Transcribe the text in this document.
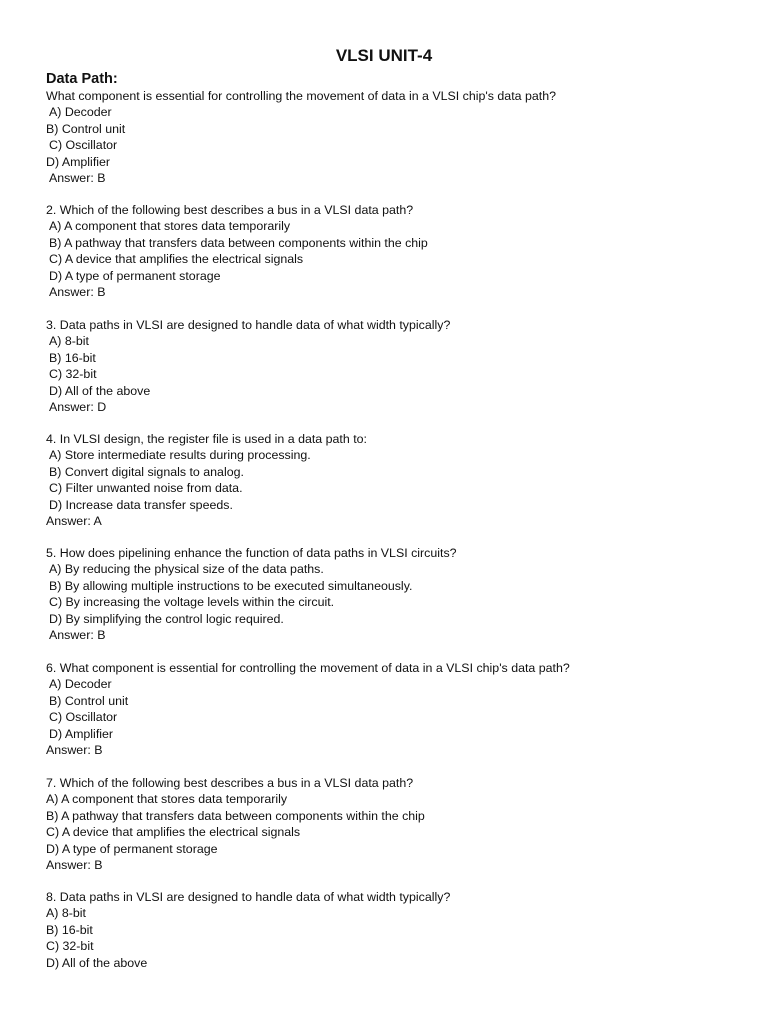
VLSI UNIT-4
Data Path:
What component is essential for controlling the movement of data in a VLSI chip's data path?
A) Decoder
B) Control unit
C) Oscillator
D) Amplifier
Answer: B
2. Which of the following best describes a bus in a VLSI data path?
A) A component that stores data temporarily
B) A pathway that transfers data between components within the chip
C) A device that amplifies the electrical signals
D) A type of permanent storage
Answer: B
3. Data paths in VLSI are designed to handle data of what width typically?
A) 8-bit
B) 16-bit
C) 32-bit
D) All of the above
Answer: D
4. In VLSI design, the register file is used in a data path to:
A) Store intermediate results during processing.
B) Convert digital signals to analog.
C) Filter unwanted noise from data.
D) Increase data transfer speeds.
Answer: A
5. How does pipelining enhance the function of data paths in VLSI circuits?
A) By reducing the physical size of the data paths.
B) By allowing multiple instructions to be executed simultaneously.
C) By increasing the voltage levels within the circuit.
D) By simplifying the control logic required.
Answer: B
6. What component is essential for controlling the movement of data in a VLSI chip's data path?
A) Decoder
B) Control unit
C) Oscillator
D) Amplifier
Answer: B
7. Which of the following best describes a bus in a VLSI data path?
A) A component that stores data temporarily
B) A pathway that transfers data between components within the chip
C) A device that amplifies the electrical signals
D) A type of permanent storage
Answer: B
8. Data paths in VLSI are designed to handle data of what width typically?
A) 8-bit
B) 16-bit
C) 32-bit
D) All of the above
